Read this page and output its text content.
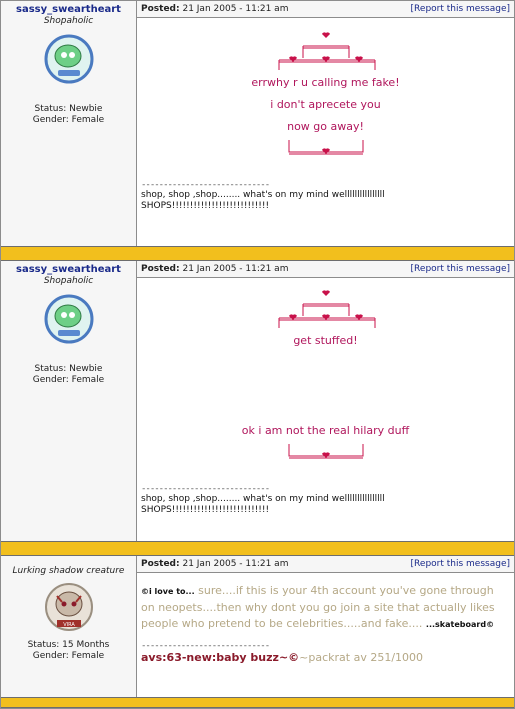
sassy_sweartheart
Shopaholic
Status: Newbie
Gender: Female
Posted: 21 Jan 2005 - 11:21 am	[Report this message]
errwhy r u calling me fake!
i don't aprecete you
now go away!
-----------------------------
shop, shop ,shop........ what's on my mind wellllllllllllllll
SHOPS!!!!!!!!!!!!!!!!!!!!!!!!!!!
sassy_sweartheart
Shopaholic
Status: Newbie
Gender: Female
Posted: 21 Jan 2005 - 11:21 am	[Report this message]
get stuffed!
ok i am not the real hilary duff
-----------------------------
shop, shop ,shop........ what's on my mind wellllllllllllllll
SHOPS!!!!!!!!!!!!!!!!!!!!!!!!!!!
Lurking shadow creature
VIRA
Status: 15 Months
Gender: Female
Posted: 21 Jan 2005 - 11:21 am	[Report this message]
©i love to... sure....if this is your 4th account you've gone through on neopets....then why dont you go join a site that actually likes people who pretend to be celebrities.....and fake.... ...skateboard©
-----------------------------
avs:63-new:baby buzz~©~packrat av 251/1000
